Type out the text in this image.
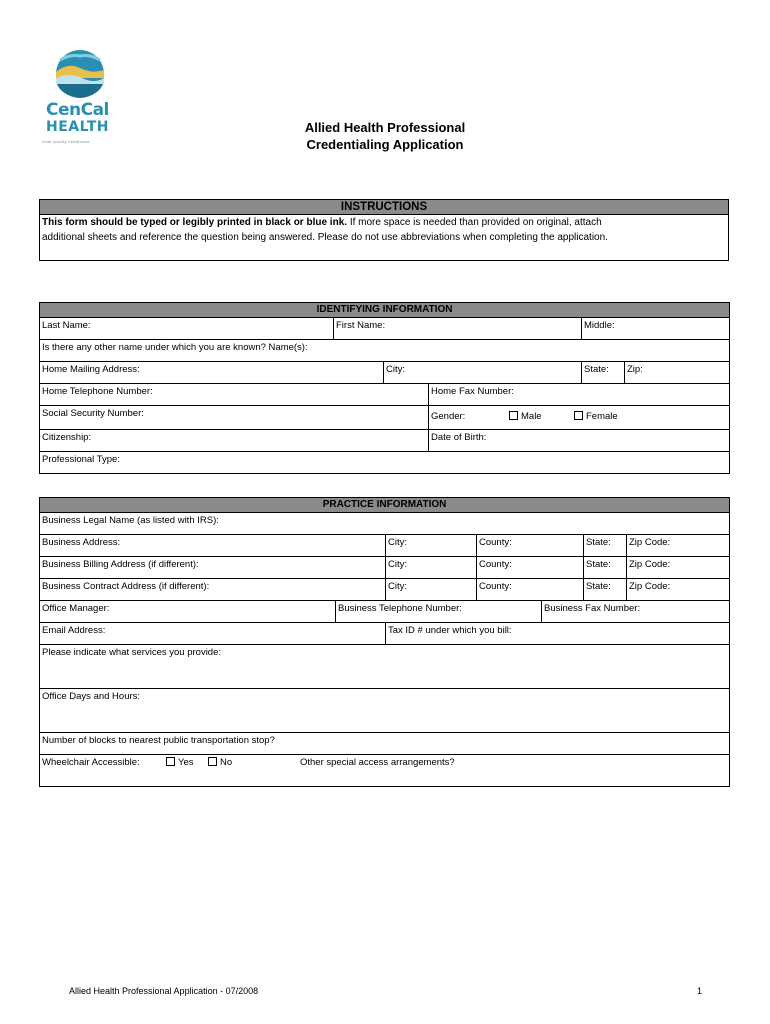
CenCal
HEALTH
local quality healthcare
Allied Health Professional
Credentialing Application
INSTRUCTIONS
This form should be typed or legibly printed in black or blue ink. If more space is needed than provided on original, attach
additional sheets and reference the question being answered. Please do not use abbreviations when completing the application.
IDENTIFYING INFORMATION					
Last Name:	First Name:			Middle:	
Is there any other name under which you are known? Name(s):					
Home Mailing Address:		City:		State:	Zip:
Home Telephone Number:			Home Fax Number:		
Social Security Number:			Gender: Male Female		
Citizenship:			Date of Birth:		
Professional Type:					
PRACTICE INFORMATION						
Business Legal Name (as listed with IRS):						
Business Address:		City:	County:		State:	Zip Code:
Business Billing Address (if different):		City:	County:		State:	Zip Code:
Business Contract Address (if different):		City:	County:		State:	Zip Code:
Office Manager:	Business Telephone Number:			Business Fax Number:		
Email Address:		Tax ID # under which you bill:				
Please indicate what services you provide:						
Office Days and Hours:						
Number of blocks to nearest public transportation stop?						
Wheelchair Accessible: Yes No Other special access arrangements?						
Allied Health Professional Application - 07/2008	1
